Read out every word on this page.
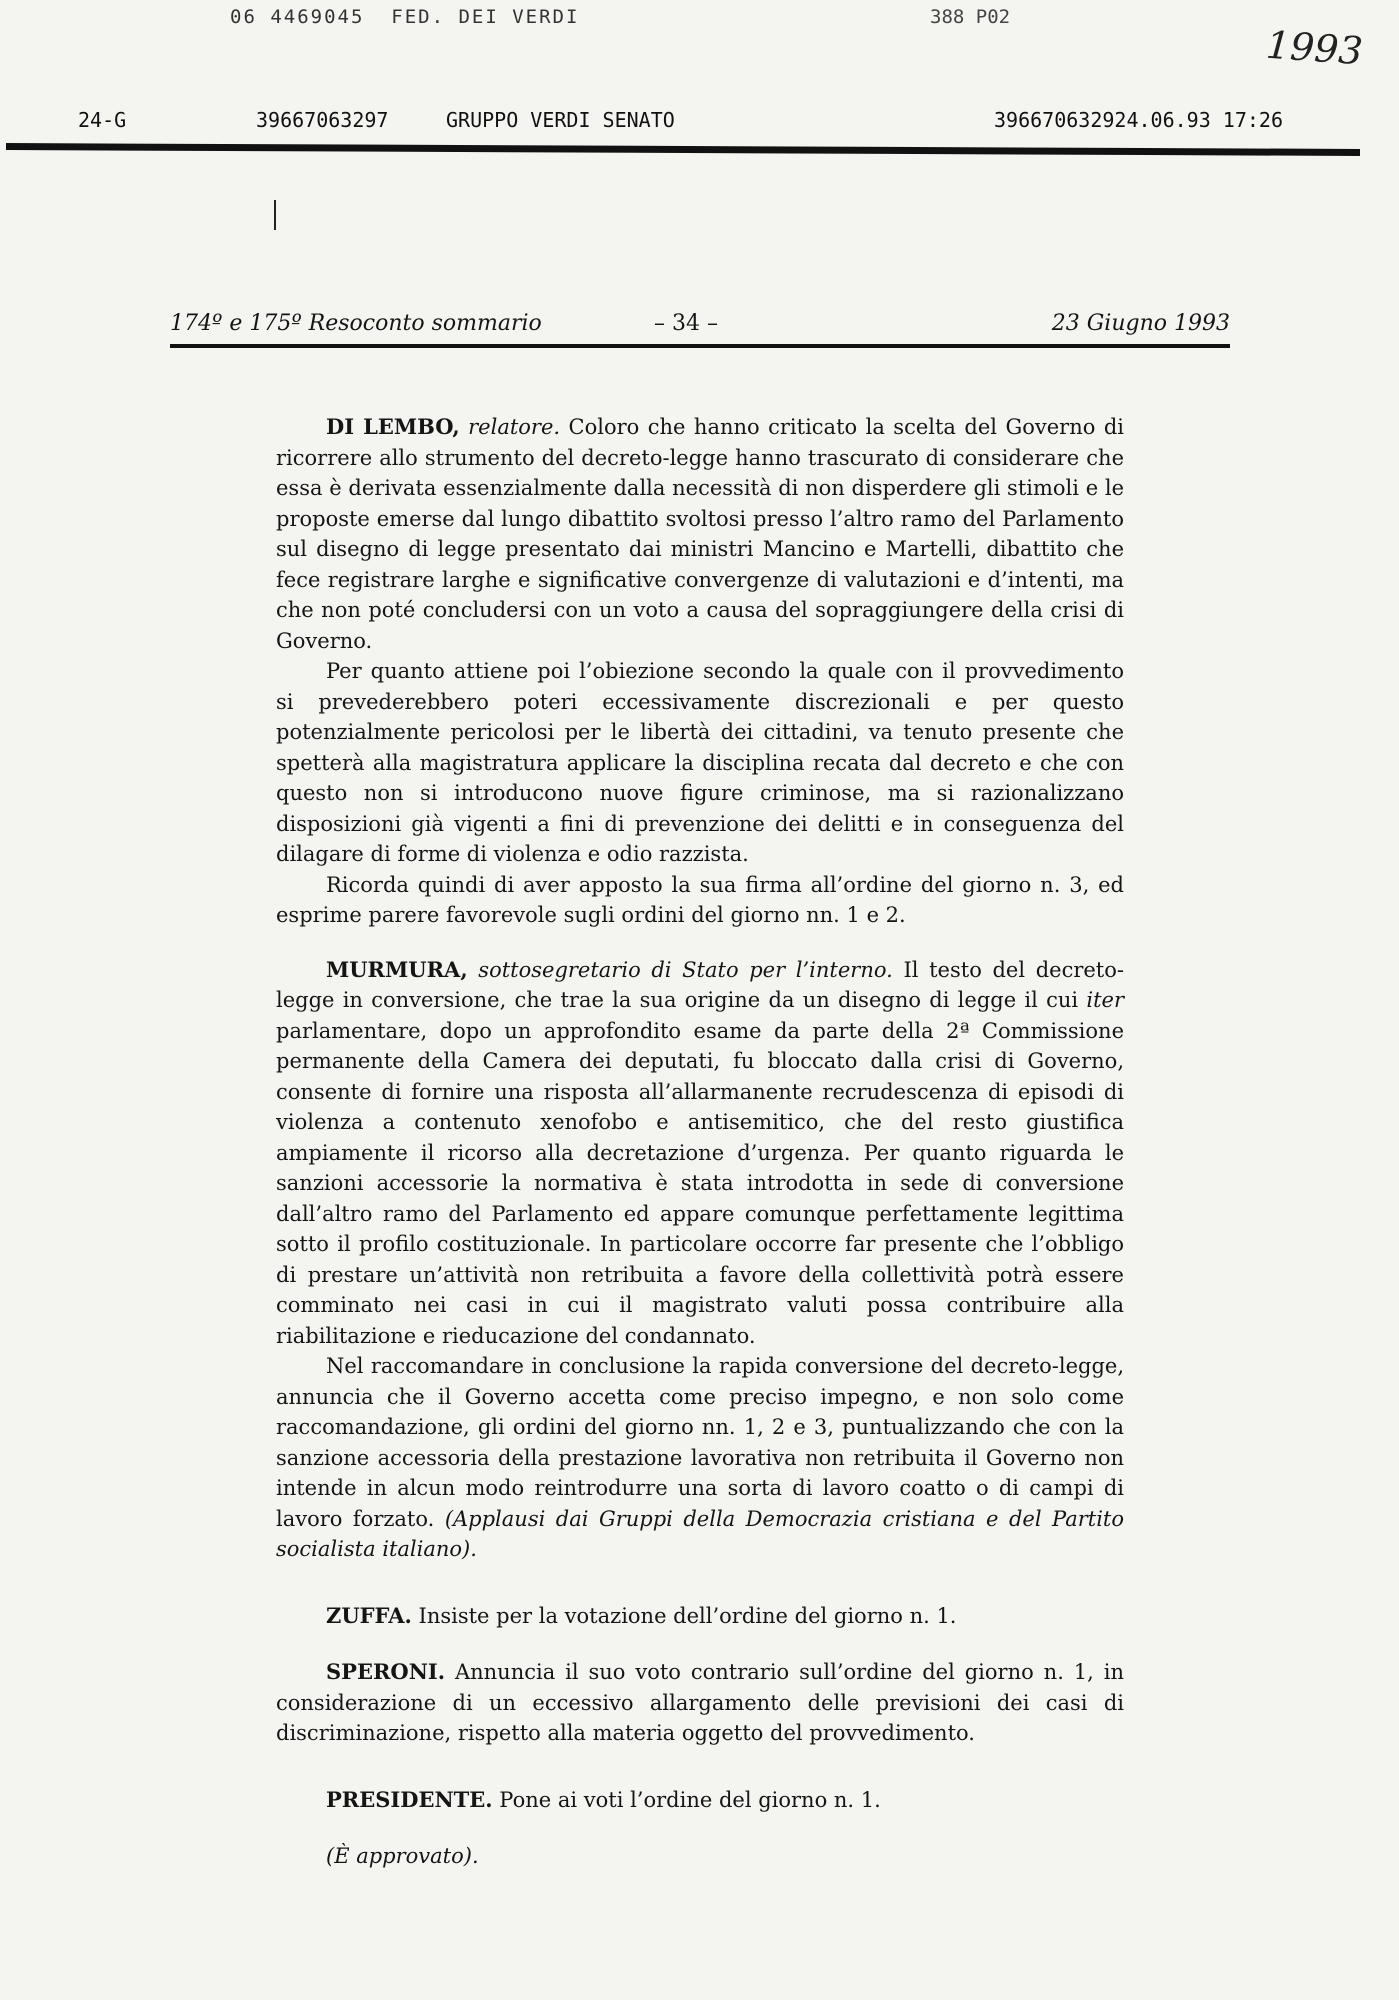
06 4469045  FED. DEI VERDI	388 P02
1993
24-G	39667063297	GRUPPO VERDI SENATO	396670632924.06.93 17:26
174º e 175º Resoconto sommario	– 34 –	23 Giugno 1993

DI LEMBO, relatore. Coloro che hanno criticato la scelta del Governo di ricorrere allo strumento del decreto-legge hanno trascurato di considerare che essa è derivata essenzialmente dalla necessità di non disperdere gli stimoli e le proposte emerse dal lungo dibattito svoltosi presso l’altro ramo del Parlamento sul disegno di legge presentato dai ministri Mancino e Martelli, dibattito che fece registrare larghe e significative convergenze di valutazioni e d’intenti, ma che non poté concludersi con un voto a causa del sopraggiungere della crisi di Governo.

Per quanto attiene poi l’obiezione secondo la quale con il provvedimento si prevederebbero poteri eccessivamente discrezionali e per questo potenzialmente pericolosi per le libertà dei cittadini, va tenuto presente che spetterà alla magistratura applicare la disciplina recata dal decreto e che con questo non si introducono nuove figure criminose, ma si razionalizzano disposizioni già vigenti a fini di prevenzione dei delitti e in conseguenza del dilagare di forme di violenza e odio razzista.

Ricorda quindi di aver apposto la sua firma all’ordine del giorno n. 3, ed esprime parere favorevole sugli ordini del giorno nn. 1 e 2.

MURMURA, sottosegretario di Stato per l’interno. Il testo del decreto-legge in conversione, che trae la sua origine da un disegno di legge il cui iter parlamentare, dopo un approfondito esame da parte della 2ª Commissione permanente della Camera dei deputati, fu bloccato dalla crisi di Governo, consente di fornire una risposta all’allarmanente recrudescenza di episodi di violenza a contenuto xenofobo e antisemitico, che del resto giustifica ampiamente il ricorso alla decretazione d’urgenza. Per quanto riguarda le sanzioni accessorie la normativa è stata introdotta in sede di conversione dall’altro ramo del Parlamento ed appare comunque perfettamente legittima sotto il profilo costituzionale. In particolare occorre far presente che l’obbligo di prestare un’attività non retribuita a favore della collettività potrà essere comminato nei casi in cui il magistrato valuti possa contribuire alla riabilitazione e rieducazione del condannato.

Nel raccomandare in conclusione la rapida conversione del decreto-legge, annuncia che il Governo accetta come preciso impegno, e non solo come raccomandazione, gli ordini del giorno nn. 1, 2 e 3, puntualizzando che con la sanzione accessoria della prestazione lavorativa non retribuita il Governo non intende in alcun modo reintrodurre una sorta di lavoro coatto o di campi di lavoro forzato. (Applausi dai Gruppi della Democrazia cristiana e del Partito socialista italiano).

ZUFFA. Insiste per la votazione dell’ordine del giorno n. 1.

SPERONI. Annuncia il suo voto contrario sull’ordine del giorno n. 1, in considerazione di un eccessivo allargamento delle previsioni dei casi di discriminazione, rispetto alla materia oggetto del provvedimento.

PRESIDENTE. Pone ai voti l’ordine del giorno n. 1.

(È approvato).
